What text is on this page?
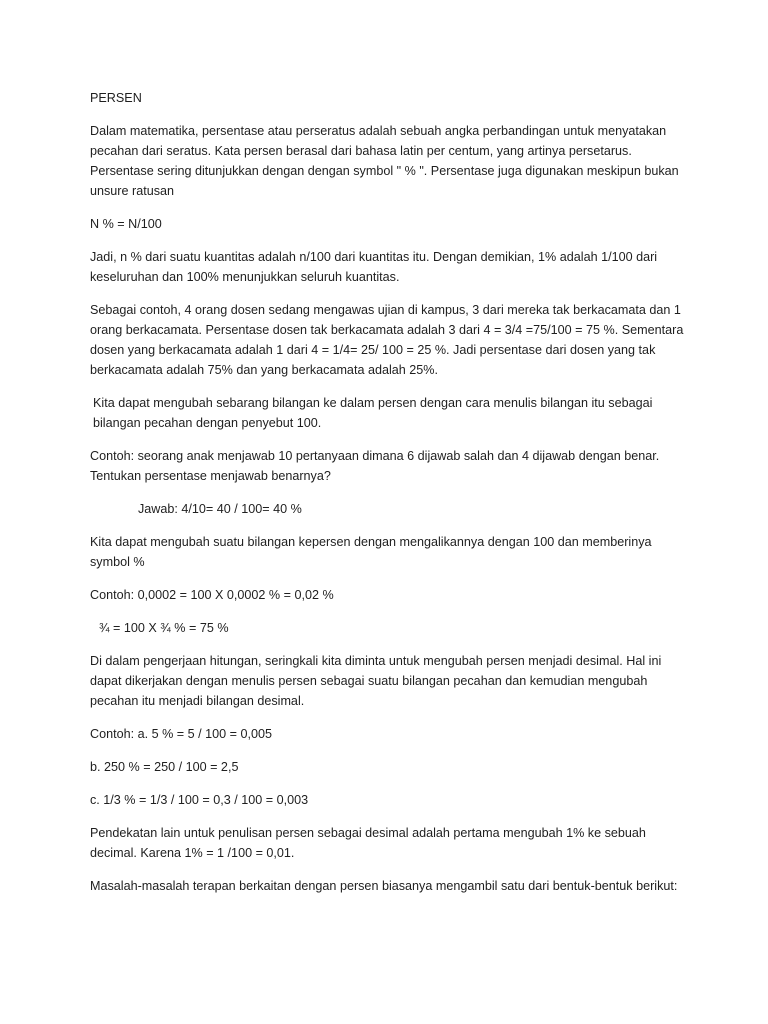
PERSEN

Dalam matematika, persentase atau perseratus adalah sebuah angka perbandingan untuk menyatakan pecahan dari seratus. Kata persen berasal dari bahasa latin per centum, yang artinya persetarus. Persentase sering ditunjukkan dengan dengan symbol " % ". Persentase juga digunakan meskipun bukan unsure ratusan

N % = N/100

Jadi, n % dari suatu kuantitas adalah n/100 dari kuantitas itu. Dengan demikian, 1% adalah 1/100 dari keseluruhan dan 100% menunjukkan seluruh kuantitas.

Sebagai contoh, 4 orang dosen sedang mengawas ujian di kampus, 3 dari mereka tak berkacamata dan 1 orang berkacamata. Persentase dosen tak berkacamata adalah 3 dari 4 = 3/4 =75/100 = 75 %. Sementara dosen yang berkacamata adalah 1 dari 4 = 1/4= 25/ 100 = 25 %. Jadi persentase dari dosen yang tak berkacamata adalah 75% dan yang berkacamata adalah 25%.

Kita dapat mengubah sebarang bilangan ke dalam persen dengan cara menulis bilangan itu sebagai bilangan pecahan dengan penyebut 100.

Contoh: seorang anak menjawab 10 pertanyaan dimana 6 dijawab salah dan 4 dijawab dengan benar. Tentukan persentase menjawab benarnya?

Jawab: 4/10= 40 / 100= 40 %

Kita dapat mengubah suatu bilangan kepersen dengan mengalikannya dengan 100 dan memberinya symbol %

Contoh: 0,0002 = 100 X 0,0002 % = 0,02 %

¾ = 100 X ¾ % = 75 %

Di dalam pengerjaan hitungan, seringkali kita diminta untuk mengubah persen menjadi desimal. Hal ini dapat dikerjakan dengan menulis persen sebagai suatu bilangan pecahan dan kemudian mengubah pecahan itu menjadi bilangan desimal.

Contoh: a. 5 % = 5 / 100 = 0,005

b. 250 % = 250 / 100 = 2,5

c. 1/3 % = 1/3 / 100 = 0,3 / 100 = 0,003

Pendekatan lain untuk penulisan persen sebagai desimal adalah pertama mengubah 1% ke sebuah decimal. Karena 1% = 1 /100 = 0,01.

Masalah-masalah terapan berkaitan dengan persen biasanya mengambil satu dari bentuk-bentuk berikut:
